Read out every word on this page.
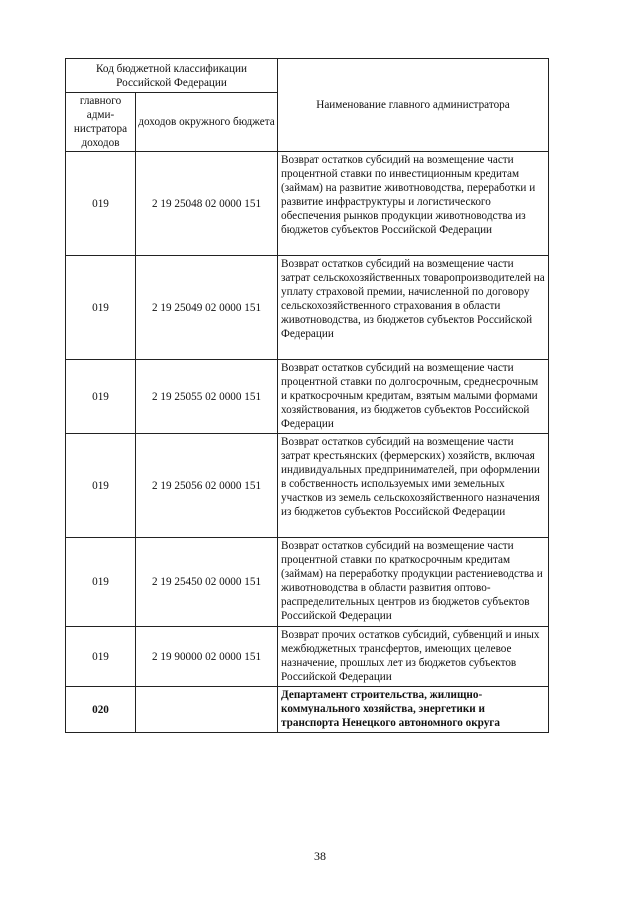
Код бюджетной классификации Российской Федерации		Наименование главного администратора
главного адми-нистратора доходов	доходов окружного бюджета	
019	2 19 25048 02 0000 151	Возврат остатков субсидий на возмещение части процентной ставки по инвестиционным кредитам (займам) на развитие животноводства, переработки и развитие инфраструктуры и логистического обеспечения рынков продукции животноводства из бюджетов субъектов Российской Федерации
019	2 19 25049 02 0000 151	Возврат остатков субсидий на возмещение части затрат сельскохозяйственных товаропроизводителей на уплату страховой премии, начисленной по договору сельскохозяйственного страхования в области животноводства, из бюджетов субъектов Российской Федерации
019	2 19 25055 02 0000 151	Возврат остатков субсидий на возмещение части процентной ставки по долгосрочным, среднесрочным и краткосрочным кредитам, взятым малыми формами хозяйствования, из бюджетов субъектов Российской Федерации
019	2 19 25056 02 0000 151	Возврат остатков субсидий на возмещение части затрат крестьянских (фермерских) хозяйств, включая индивидуальных предпринимателей, при оформлении в собственность используемых ими земельных участков из земель сельскохозяйственного назначения из бюджетов субъектов Российской Федерации
019	2 19 25450 02 0000 151	Возврат остатков субсидий на возмещение части процентной ставки по краткосрочным кредитам (займам) на переработку продукции растениеводства и животноводства в области развития оптово-распределительных центров из бюджетов субъектов Российской Федерации
019	2 19 90000 02 0000 151	Возврат прочих остатков субсидий, субвенций и иных межбюджетных трансфертов, имеющих целевое назначение, прошлых лет из бюджетов субъектов Российской Федерации
020		Департамент строительства, жилищно-коммунального хозяйства, энергетики и транспорта Ненецкого автономного округа
38
